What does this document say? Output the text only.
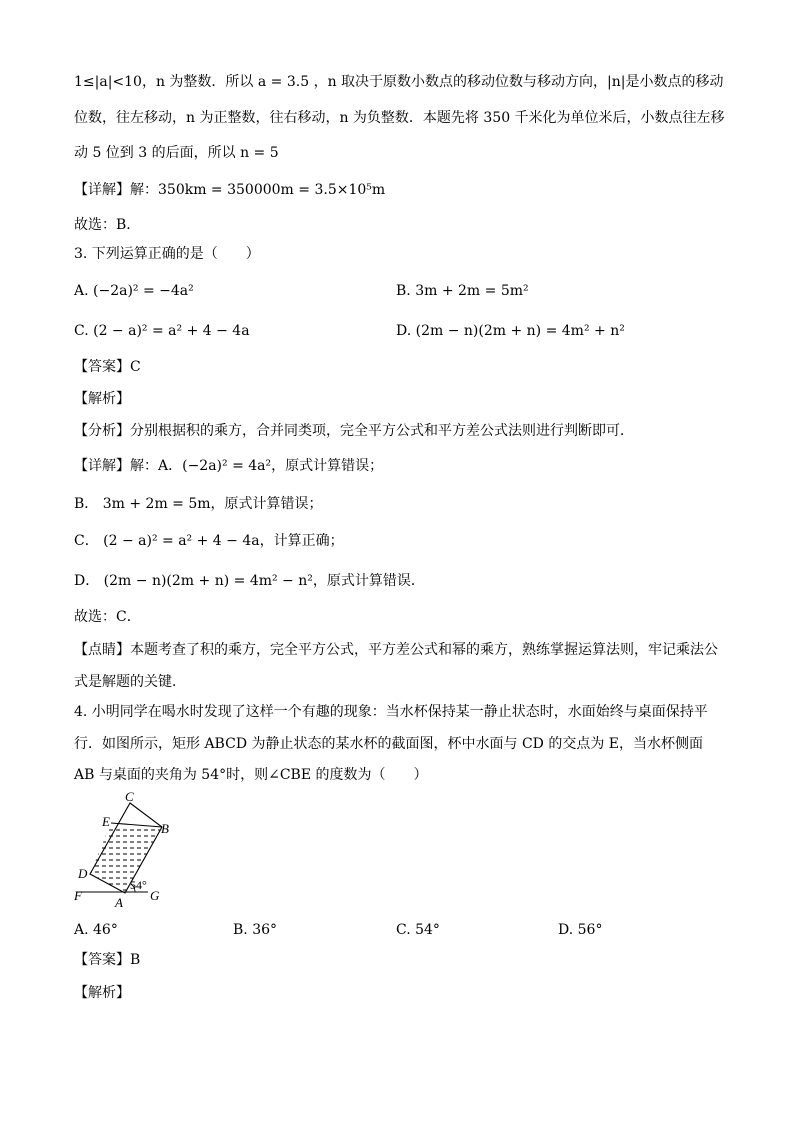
1≤|a|<10，n 为整数．所以 a = 3.5 ，n 取决于原数小数点的移动位数与移动方向，|n|是小数点的移动
位数，往左移动，n 为正整数，往右移动，n 为负整数．本题先将 350 千米化为单位米后，小数点往左移
动 5 位到 3 的后面，所以 n = 5
【详解】解：350km = 350000m = 3.5×10⁵m
故选：B．
3. 下列运算正确的是（　　）
A. (−2a)² = −4a²	B. 3m + 2m = 5m²
C. (2 − a)² = a² + 4 − 4a	D. (2m − n)(2m + n) = 4m² + n²
【答案】C
【解析】
【分析】分别根据积的乘方，合并同类项，完全平方公式和平方差公式法则进行判断即可．
【详解】解：A．(−2a)² = 4a²，原式计算错误；
B． 3m + 2m = 5m，原式计算错误；
C． (2 − a)² = a² + 4 − 4a，计算正确；
D． (2m − n)(2m + n) = 4m² − n²，原式计算错误．
故选：C．
【点睛】本题考查了积的乘方，完全平方公式，平方差公式和幂的乘方，熟练掌握运算法则，牢记乘法公
式是解题的关键．
4. 小明同学在喝水时发现了这样一个有趣的现象：当水杯保持某一静止状态时，水面始终与桌面保持平
行．如图所示，矩形 ABCD 为静止状态的某水杯的截面图，杯中水面与 CD 的交点为 E，当水杯侧面
AB 与桌面的夹角为 54°时，则∠CBE 的度数为（　　）
C
E	B
D
54°
F	A G
A. 46°	B. 36°	C. 54°	D. 56°
【答案】B
【解析】
